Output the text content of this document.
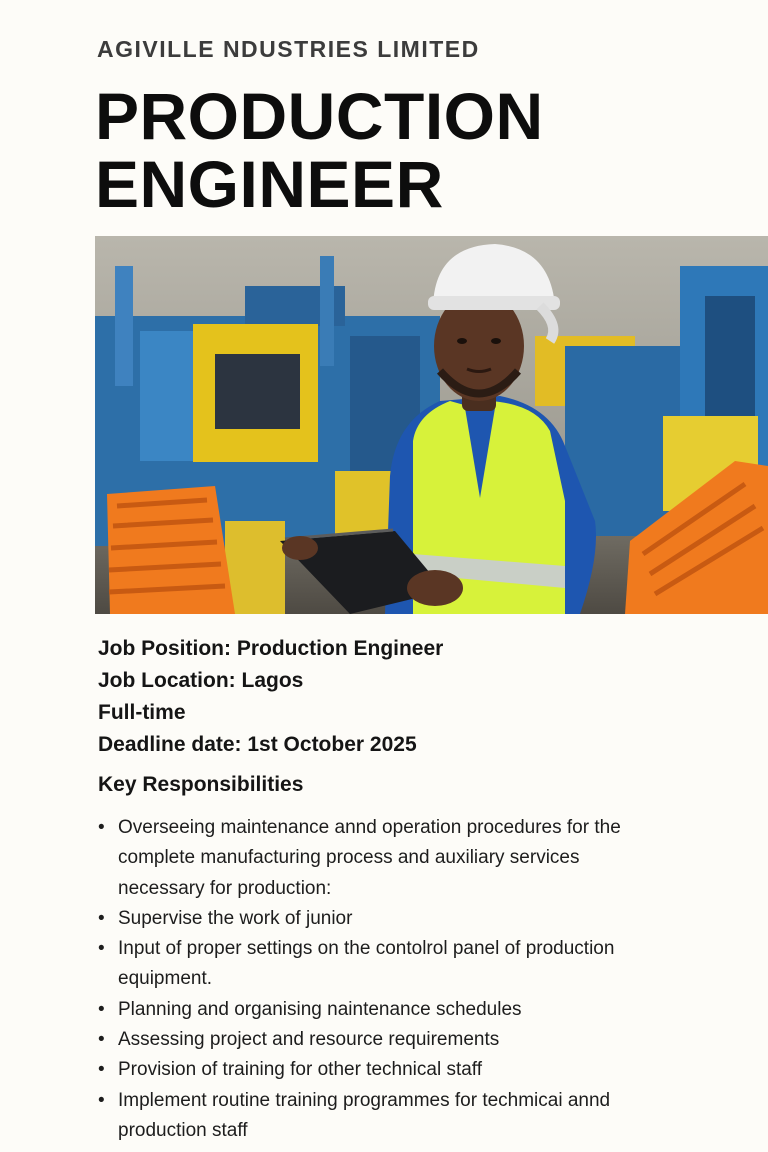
AGIVILLE NDUSTRIES LIMITED
PRODUCTION
ENGINEER
Job Position: Production Engineer
Job Location: Lagos
Full-time
Deadline date: 1st October 2025
Key Responsibilities
• Overseeing maintenance annd operation procedures for the complete manufacturing process and auxiliary services necessary for production:
• Supervise the work of junior
• Input of proper settings on the contolrol panel of production equipment.
• Planning and organising naintenance schedules
• Assessing project and resource requirements
• Provision of training for other technical staff
• Implement routine training programmes for techmicai annd production staff
